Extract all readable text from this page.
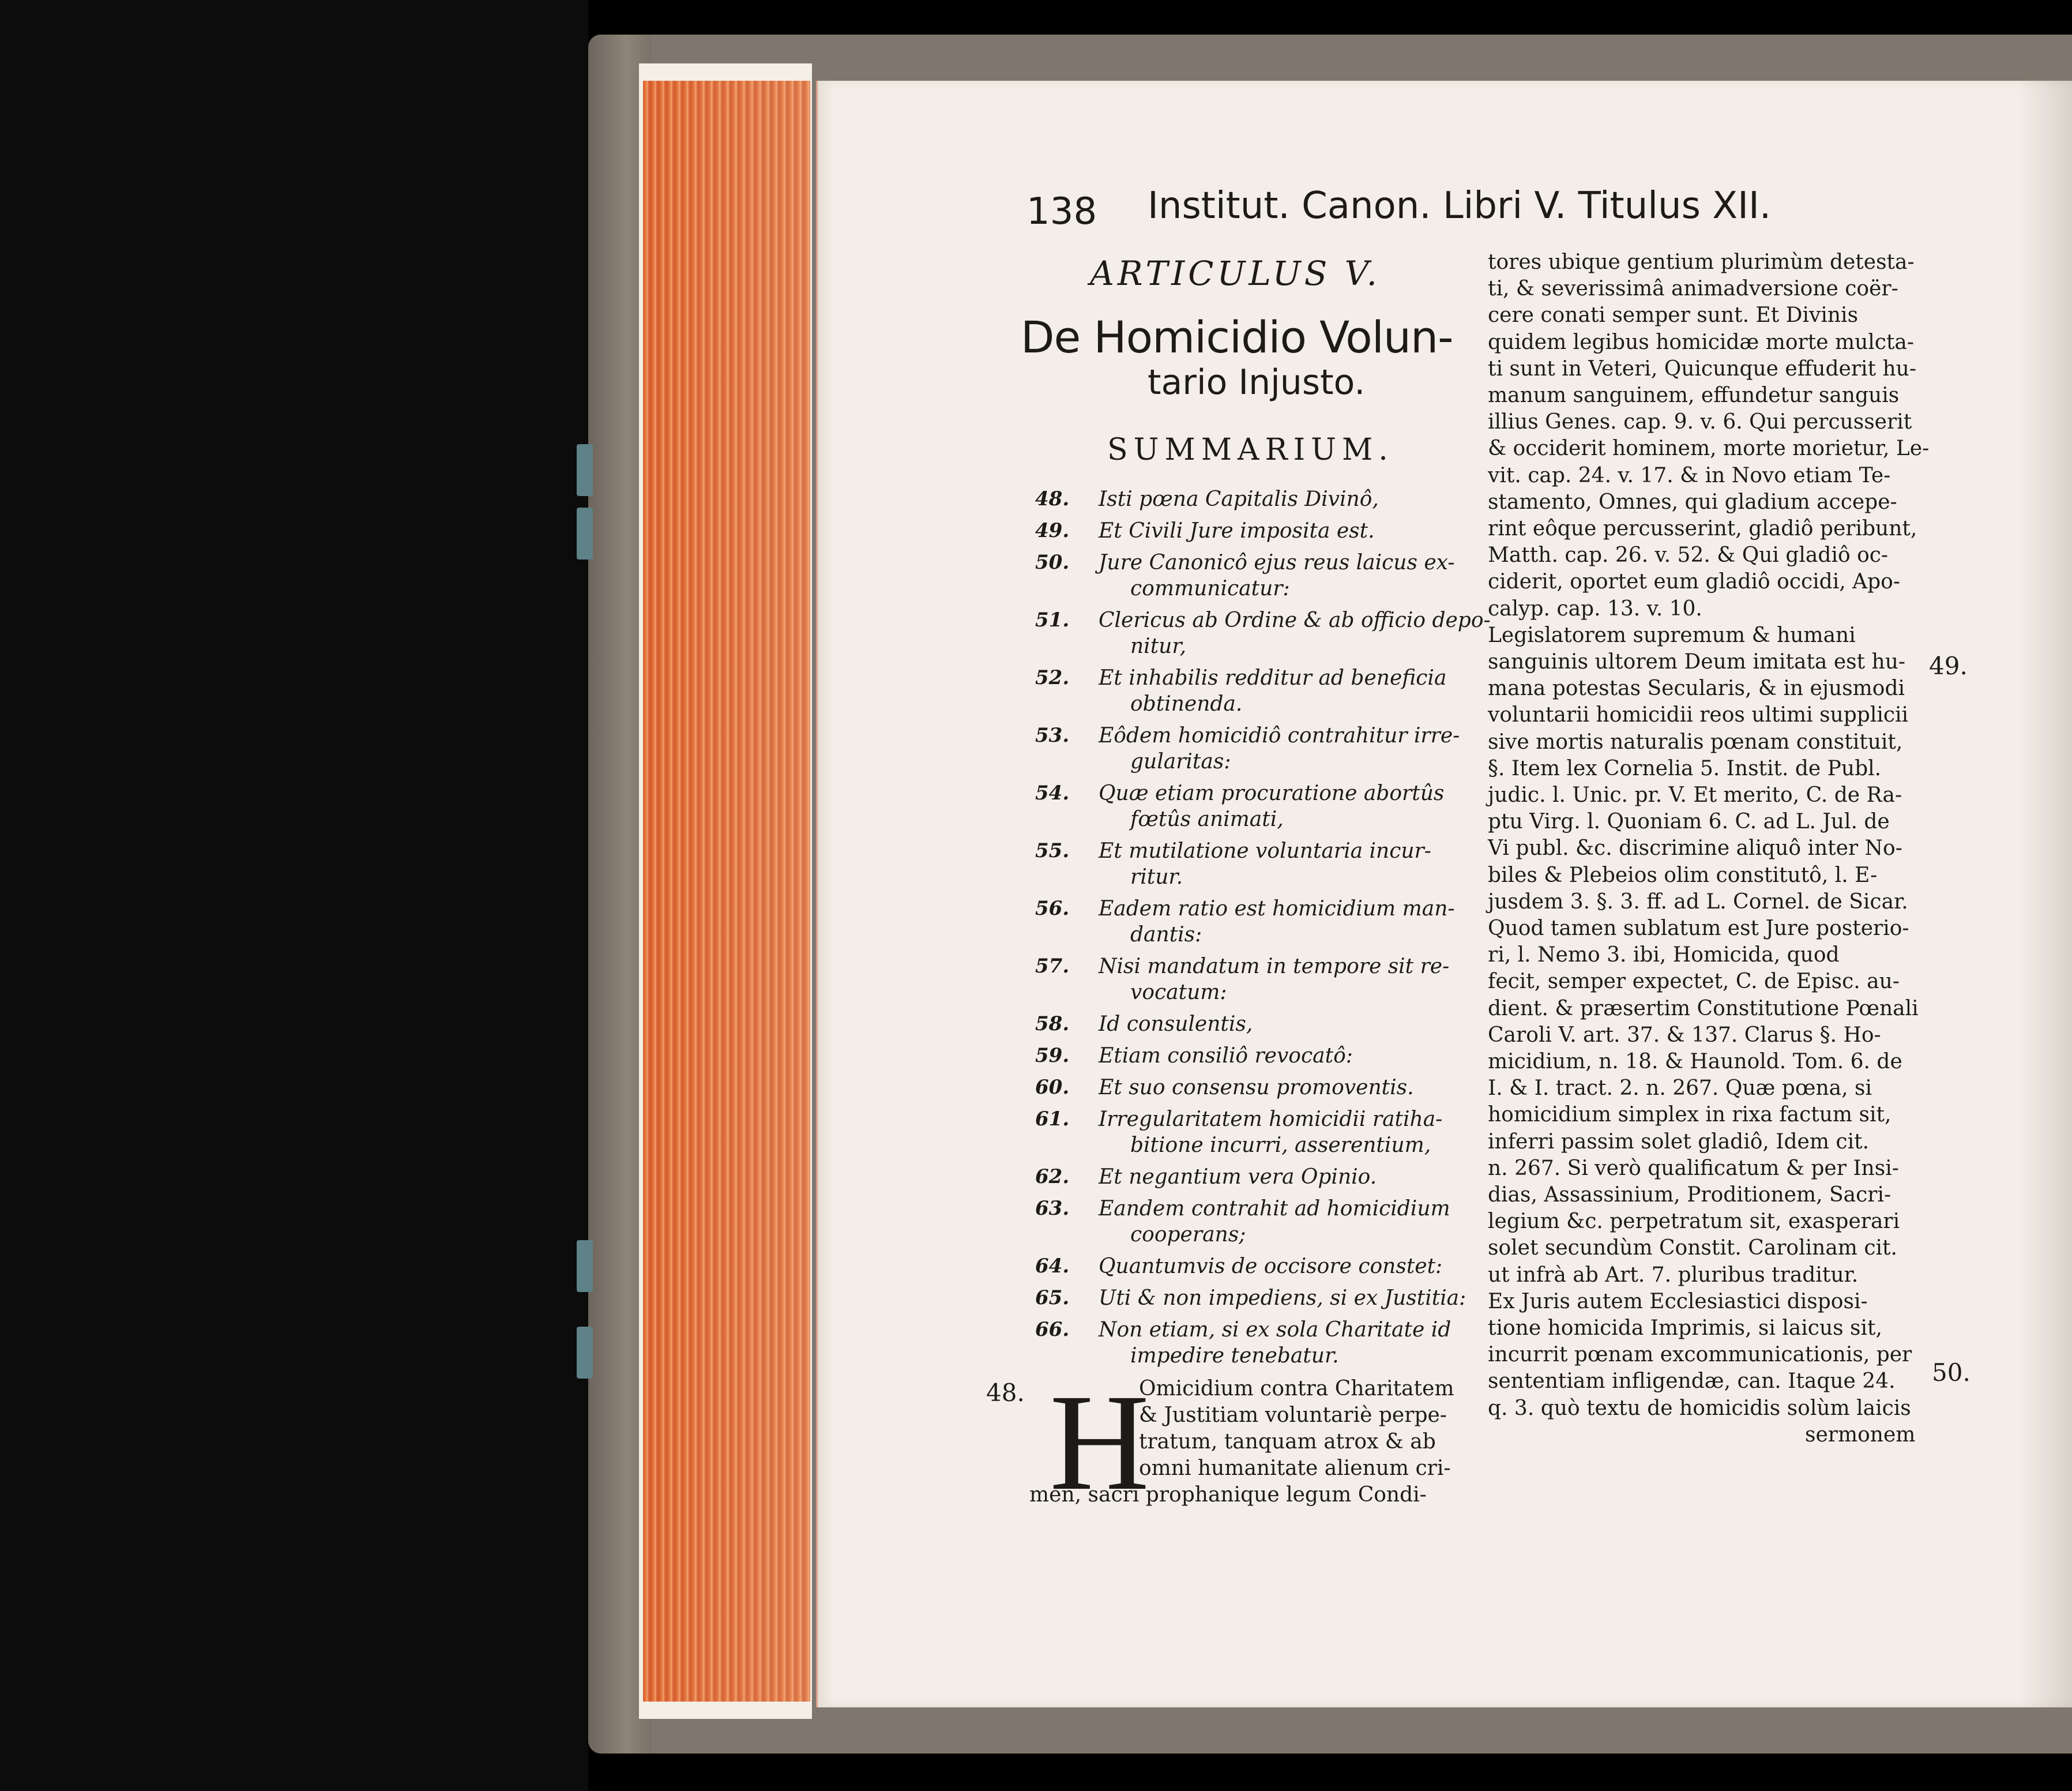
138 Institut. Canon. Libri V. Titulus XII.
ARTICULUS V.
De Homicidio Volun-
tario Injusto.
SUMMARIUM.
48. Isti pœna Capitalis Divinô,
49. Et Civili Jure imposita est.
50. Jure Canonicô ejus reus laicus ex-
communicatur:
51. Clericus ab Ordine & ab officio depo-
nitur,
52. Et inhabilis redditur ad beneficia
obtinenda.
53. Eôdem homicidiô contrahitur irre-
gularitas:
54. Quæ etiam procuratione abortûs
fœtûs animati,
55. Et mutilatione voluntaria incur-
ritur.
56. Eadem ratio est homicidium man-
dantis:
57. Nisi mandatum in tempore sit re-
vocatum:
58. Id consulentis,
59. Etiam consiliô revocatô:
60. Et suo consensu promoventis.
61. Irregularitatem homicidii ratiha-
bitione incurri, asserentium,
62. Et negantium vera Opinio.
63. Eandem contrahit ad homicidium
cooperans;
64. Quantumvis de occisore constet:
65. Uti & non impediens, si ex Justitia:
66. Non etiam, si ex sola Charitate id
impedire tenebatur.
48. H
Omicidium contra Charitatem
& Justitiam voluntariè perpe-
tratum, tanquam atrox & ab
omni humanitate alienum cri-
men, sacri prophanique legum Condi-
tores ubique gentium plurimùm detesta-
ti, & severissimâ animadversione coër-
cere conati semper sunt. Et Divinis
quidem legibus homicidæ morte mulcta-
ti sunt in Veteri, Quicunque effuderit hu-
manum sanguinem, effundetur sanguis
illius Genes. cap. 9. v. 6. Qui percusserit
& occiderit hominem, morte morietur, Le-
vit. cap. 24. v. 17. & in Novo etiam Te-
stamento, Omnes, qui gladium accepe-
rint eôque percusserint, gladiô peribunt,
Matth. cap. 26. v. 52. & Qui gladiô oc-
ciderit, oportet eum gladiô occidi, Apo-
calyp. cap. 13. v. 10.
Legislatorem supremum & humani
sanguinis ultorem Deum imitata est hu-
mana potestas Secularis, & in ejusmodi
voluntarii homicidii reos ultimi supplicii
sive mortis naturalis pœnam constituit,
§. Item lex Cornelia 5. Instit. de Publ.
judic. l. Unic. pr. V. Et merito, C. de Ra-
ptu Virg. l. Quoniam 6. C. ad L. Jul. de
Vi publ. &c. discrimine aliquô inter No-
biles & Plebeios olim constitutô, l. E-
jusdem 3. §. 3. ff. ad L. Cornel. de Sicar.
Quod tamen sublatum est Jure posterio-
ri, l. Nemo 3. ibi, Homicida, quod
fecit, semper expectet, C. de Episc. au-
dient. & præsertim Constitutione Pœnali
Caroli V. art. 37. & 137. Clarus §. Ho-
micidium, n. 18. & Haunold. Tom. 6. de
I. & I. tract. 2. n. 267. Quæ pœna, si
homicidium simplex in rixa factum sit,
inferri passim solet gladiô, Idem cit.
n. 267. Si verò qualificatum & per Insi-
dias, Assassinium, Proditionem, Sacri-
legium &c. perpetratum sit, exasperari
solet secundùm Constit. Carolinam cit.
ut infrà ab Art. 7. pluribus traditur.
Ex Juris autem Ecclesiastici disposi-
tione homicida Imprimis, si laicus sit,
incurrit pœnam excommunicationis, per
sententiam infligendæ, can. Itaque 24.
q. 3. quò textu de homicidis solùm laicis
sermonem
49.
50.
